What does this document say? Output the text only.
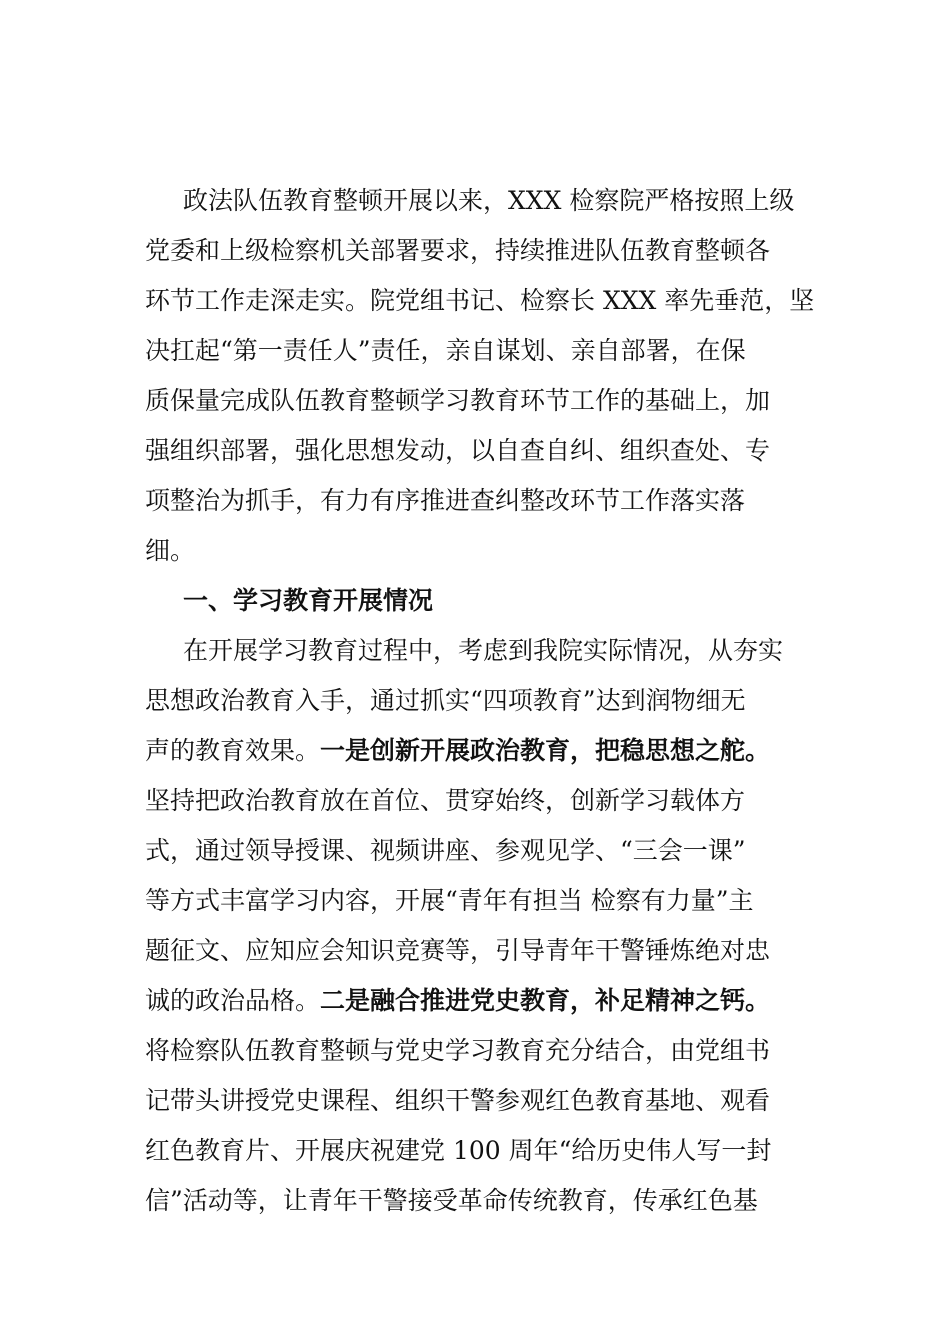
政法队伍教育整顿开展以来，XXX 检察院严格按照上级
党委和上级检察机关部署要求，持续推进队伍教育整顿各
环节工作走深走实。院党组书记、检察长 XXX 率先垂范，坚
决扛起“第一责任人”责任，亲自谋划、亲自部署，在保
质保量完成队伍教育整顿学习教育环节工作的基础上，加
强组织部署，强化思想发动，以自查自纠、组织查处、专
项整治为抓手，有力有序推进查纠整改环节工作落实落
细。
一、学习教育开展情况
在开展学习教育过程中，考虑到我院实际情况，从夯实
思想政治教育入手，通过抓实“四项教育”达到润物细无
声的教育效果。一是创新开展政治教育，把稳思想之舵。
坚持把政治教育放在首位、贯穿始终，创新学习载体方
式，通过领导授课、视频讲座、参观见学、“三会一课”
等方式丰富学习内容，开展“青年有担当 检察有力量”主
题征文、应知应会知识竞赛等，引导青年干警锤炼绝对忠
诚的政治品格。二是融合推进党史教育，补足精神之钙。
将检察队伍教育整顿与党史学习教育充分结合，由党组书
记带头讲授党史课程、组织干警参观红色教育基地、观看
红色教育片、开展庆祝建党 100 周年“给历史伟人写一封
信”活动等，让青年干警接受革命传统教育，传承红色基
